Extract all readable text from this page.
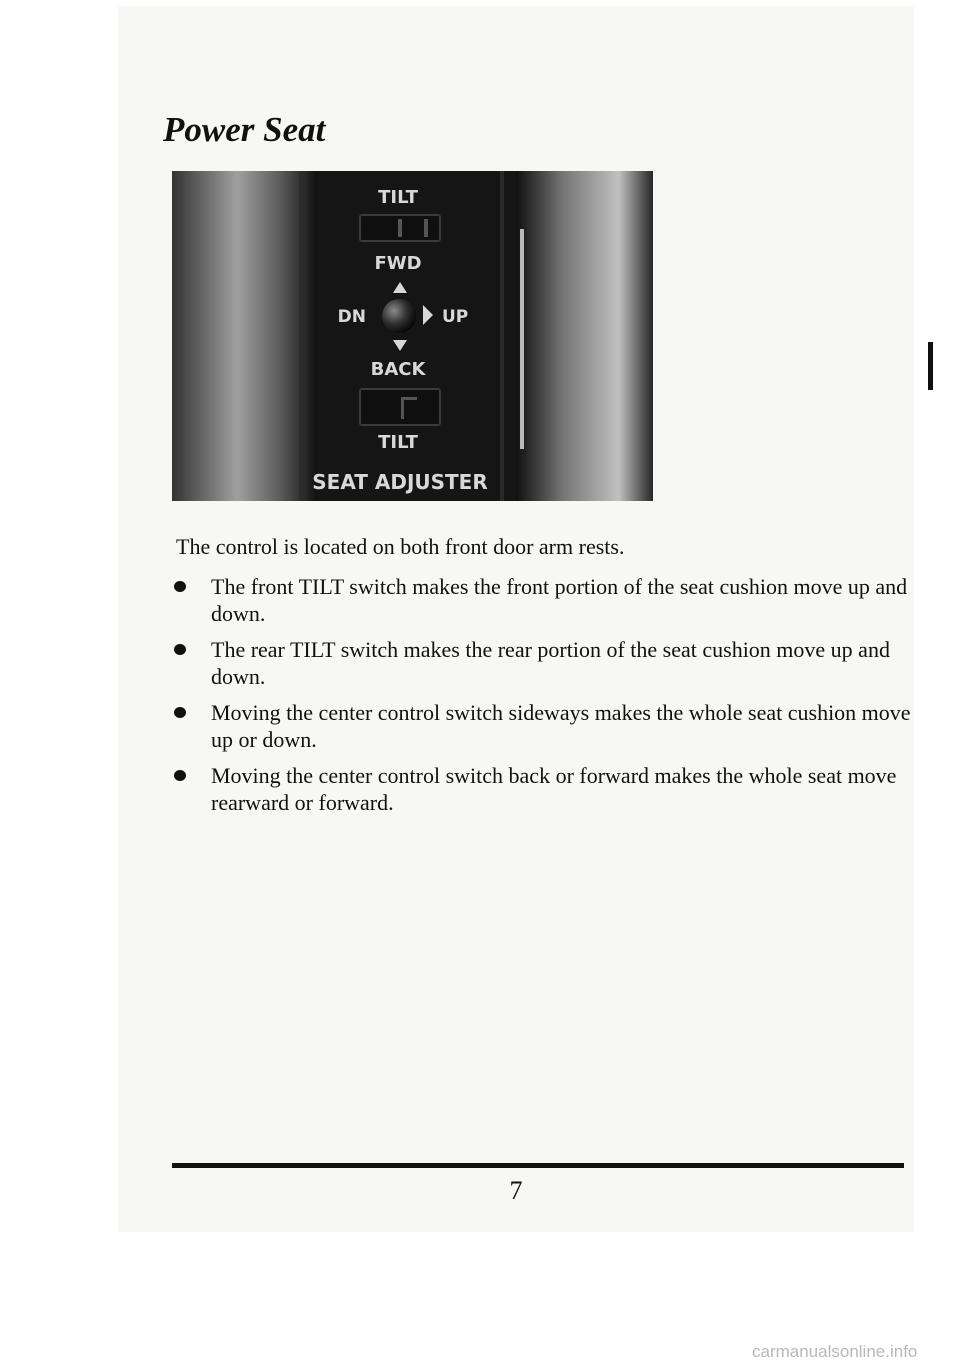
Power Seat
TILT
FWD
DN	UP
BACK
TILT
SEAT ADJUSTER

The control is located on both front door arm rests.

The front TILT switch makes the front portion of the seat cushion move up and down.
The rear TILT switch makes the rear portion of the seat cushion move up and down.
Moving the center control switch sideways makes the whole seat cushion move up or down.
Moving the center control switch back or forward makes the whole seat move rearward or forward.

7

carmanualsonline.info
